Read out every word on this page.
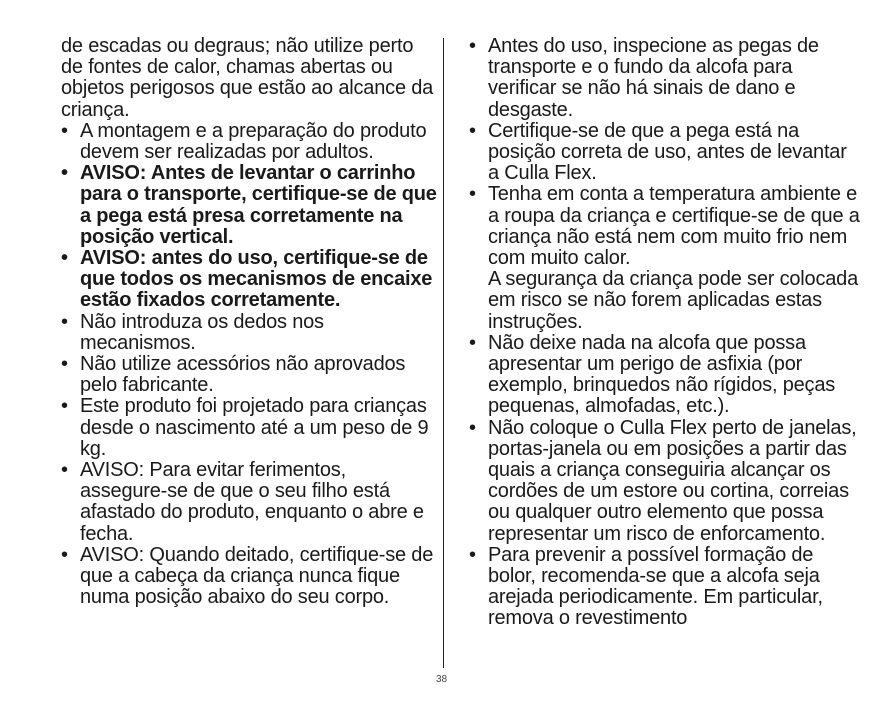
de escadas ou degraus; não utilize perto de fontes de calor, chamas abertas ou objetos perigosos que estão ao alcance da criança.

• A montagem e a preparação do produto devem ser realizadas por adultos.

• AVISO: Antes de levantar o carrinho para o transporte, certifique-se de que a pega está presa corretamente na posição vertical.

• AVISO: antes do uso, certifique-se de que todos os mecanismos de encaixe estão fixados corretamente.

• Não introduza os dedos nos mecanismos.

• Não utilize acessórios não aprovados pelo fabricante.

• Este produto foi projetado para crianças desde o nascimento até a um peso de 9 kg.

• AVISO: Para evitar ferimentos, assegure-se de que o seu filho está afastado do produto, enquanto o abre e fecha.

• AVISO: Quando deitado, certifique-se de que a cabeça da criança nunca fique numa posição abaixo do seu corpo.

• Antes do uso, inspecione as pegas de transporte e o fundo da alcofa para verificar se não há sinais de dano e desgaste.

• Certifique-se de que a pega está na posição correta de uso, antes de levantar a Culla Flex.

• Tenha em conta a temperatura ambiente e a roupa da criança e certifique-se de que a criança não está nem com muito frio nem com muito calor.

A segurança da criança pode ser colocada em risco se não forem aplicadas estas instruções.

• Não deixe nada na alcofa que possa apresentar um perigo de asfixia (por exemplo, brinquedos não rígidos, peças pequenas, almofadas, etc.).

• Não coloque o Culla Flex perto de janelas, portas-janela ou em posições a partir das quais a criança conseguiria alcançar os cordões de um estore ou cortina, correias ou qualquer outro elemento que possa representar um risco de enforcamento.

• Para prevenir a possível formação de bolor, recomenda-se que a alcofa seja arejada periodicamente. Em particular, remova o revestimento

38
